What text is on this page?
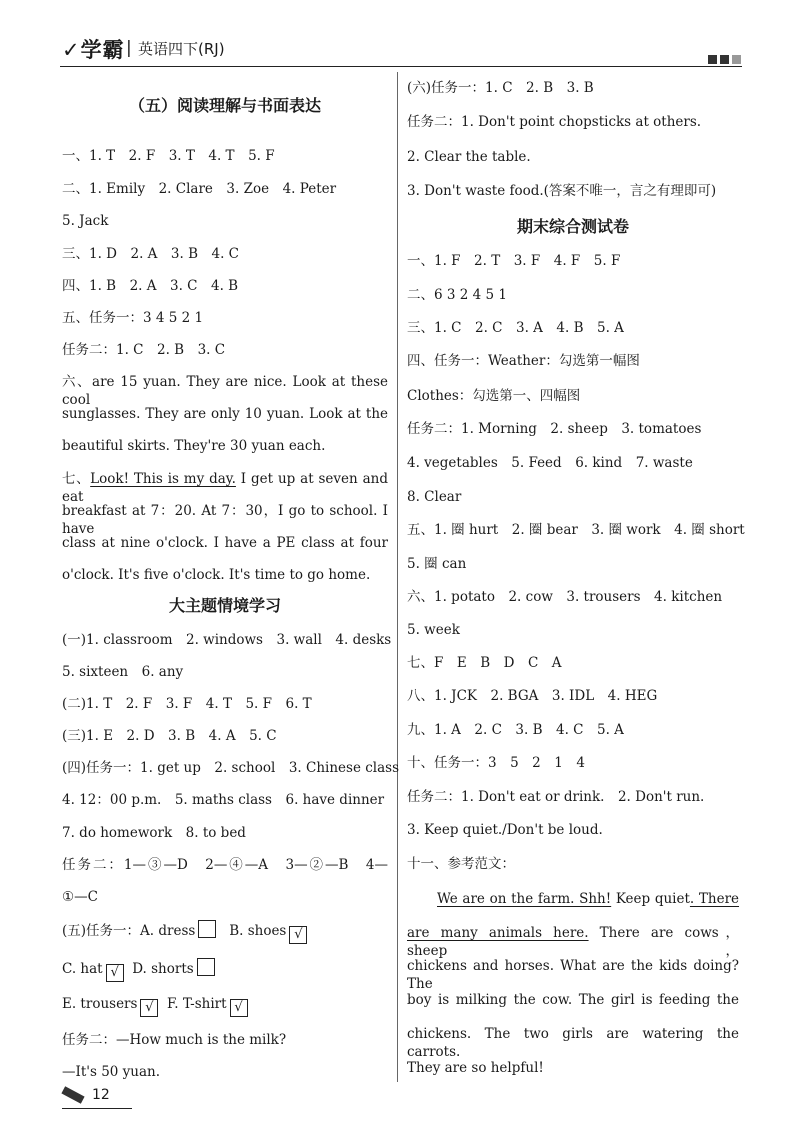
✓学霸 | 英语四下(RJ)
（五）阅读理解与书面表达
一、1. T　2. F　3. T　4. T　5. F
二、1. Emily　2. Clare　3. Zoe　4. Peter
5. Jack
三、1. D　2. A　3. B　4. C
四、1. B　2. A　3. C　4. B
五、任务一：3 4 5 2 1
任务二：1. C　2. B　3. C
六、are 15 yuan. They are nice. Look at these cool
sunglasses. They are only 10 yuan. Look at the
beautiful skirts. They're 30 yuan each.
七、Look! This is my day. I get up at seven and eat
breakfast at 7：20. At 7：30，I go to school. I have
class at nine o'clock. I have a PE class at four
o'clock. It's five o'clock. It's time to go home.
大主题情境学习
(一)1. classroom　2. windows　3. wall　4. desks
5. sixteen　6. any
(二)1. T　2. F　3. F　4. T　5. F　6. T
(三)1. E　2. D　3. B　4. A　5. C
(四)任务一：1. get up　2. school　3. Chinese class
4. 12：00 p.m.　5. maths class　6. have dinner
7. do homework　8. to bed
任务二：1—③—D　2—④—A　3—②—B　4—
①—C
(五)任务一：A. dress	B. shoes √
C. hat √ D. shorts
E. trousers √ F. T-shirt √
任务二：—How much is the milk?
—It's 50 yuan.
(六)任务一：1. C　2. B　3. B
任务二：1. Don't point chopsticks at others.
2. Clear the table.
3. Don't waste food.(答案不唯一，言之有理即可)
期末综合测试卷
一、1. F　2. T　3. F　4. F　5. F
二、6 3 2 4 5 1
三、1. C　2. C　3. A　4. B　5. A
四、任务一：Weather：勾选第一幅图
Clothes：勾选第一、四幅图
任务二：1. Morning　2. sheep　3. tomatoes
4. vegetables　5. Feed　6. kind　7. waste
8. Clear
五、1. 圈 hurt　2. 圈 bear　3. 圈 work　4. 圈 short
5. 圈 can
六、1. potato　2. cow　3. trousers　4. kitchen
5. week
七、F　E　B　D　C　A
八、1. JCK　2. BGA　3. IDL　4. HEG
九、1. A　2. C　3. B　4. C　5. A
十、任务一：3　5　2　1　4
任务二：1. Don't eat or drink.　2. Don't run.
3. Keep quiet./Don't be loud.
十一、参考范文：
We are on the farm. Shh! Keep quiet. There
are many animals here. There are cows，sheep，
chickens and horses. What are the kids doing? The
boy is milking the cow. The girl is feeding the
chickens. The two girls are watering the carrots.
They are so helpful!
12
